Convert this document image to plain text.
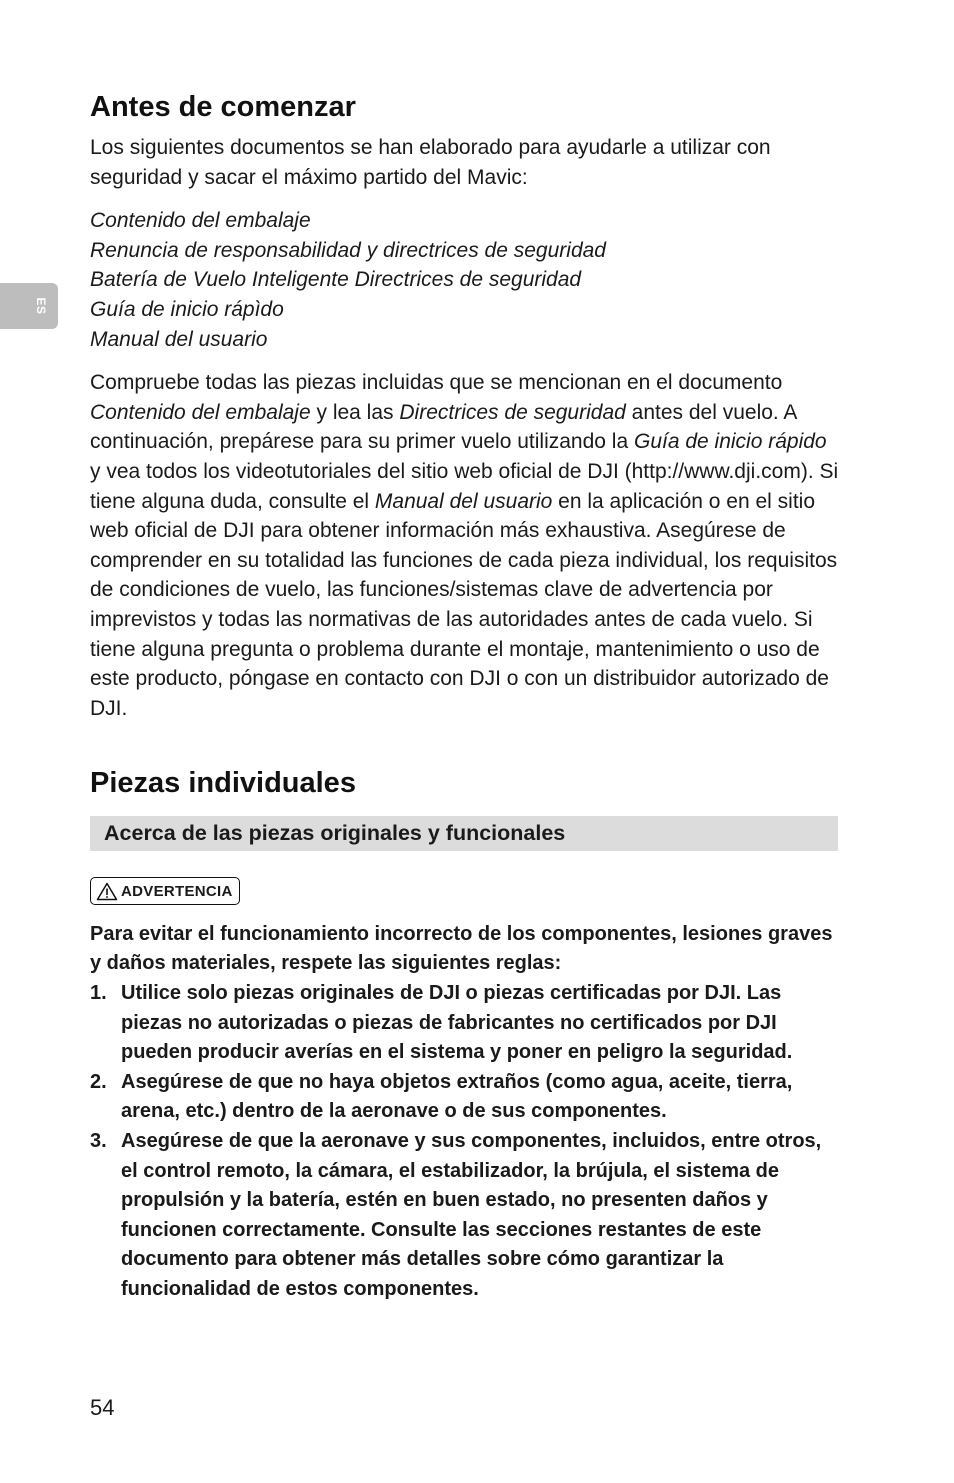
ES
Antes de comenzar

Los siguientes documentos se han elaborado para ayudarle a utilizar con seguridad y sacar el máximo partido del Mavic:

Contenido del embalaje
Renuncia de responsabilidad y directrices de seguridad
Batería de Vuelo Inteligente Directrices de seguridad
Guía de inicio rápìdo
Manual del usuario

Compruebe todas las piezas incluidas que se mencionan en el documento Contenido del embalaje y lea las Directrices de seguridad antes del vuelo. A continuación, prepárese para su primer vuelo utilizando la Guía de inicio rápido y vea todos los videotutoriales del sitio web oficial de DJI (http://www.dji.com). Si tiene alguna duda, consulte el Manual del usuario en la aplicación o en el sitio web oficial de DJI para obtener información más exhaustiva. Asegúrese de comprender en su totalidad las funciones de cada pieza individual, los requisitos de condiciones de vuelo, las funciones/sistemas clave de advertencia por imprevistos y todas las normativas de las autoridades antes de cada vuelo. Si tiene alguna pregunta o problema durante el montaje, mantenimiento o uso de este producto, póngase en contacto con DJI o con un distribuidor autorizado de DJI.

Piezas individuales
Acerca de las piezas originales y funcionales
ADVERTENCIA

Para evitar el funcionamiento incorrecto de los componentes, lesiones graves y daños materiales, respete las siguientes reglas:

1. Utilice solo piezas originales de DJI o piezas certificadas por DJI. Las piezas no autorizadas o piezas de fabricantes no certificados por DJI pueden producir averías en el sistema y poner en peligro la seguridad.
2. Asegúrese de que no haya objetos extraños (como agua, aceite, tierra, arena, etc.) dentro de la aeronave o de sus componentes.
3. Asegúrese de que la aeronave y sus componentes, incluidos, entre otros, el control remoto, la cámara, el estabilizador, la brújula, el sistema de propulsión y la batería, estén en buen estado, no presenten daños y funcionen correctamente. Consulte las secciones restantes de este documento para obtener más detalles sobre cómo garantizar la funcionalidad de estos componentes.
54
